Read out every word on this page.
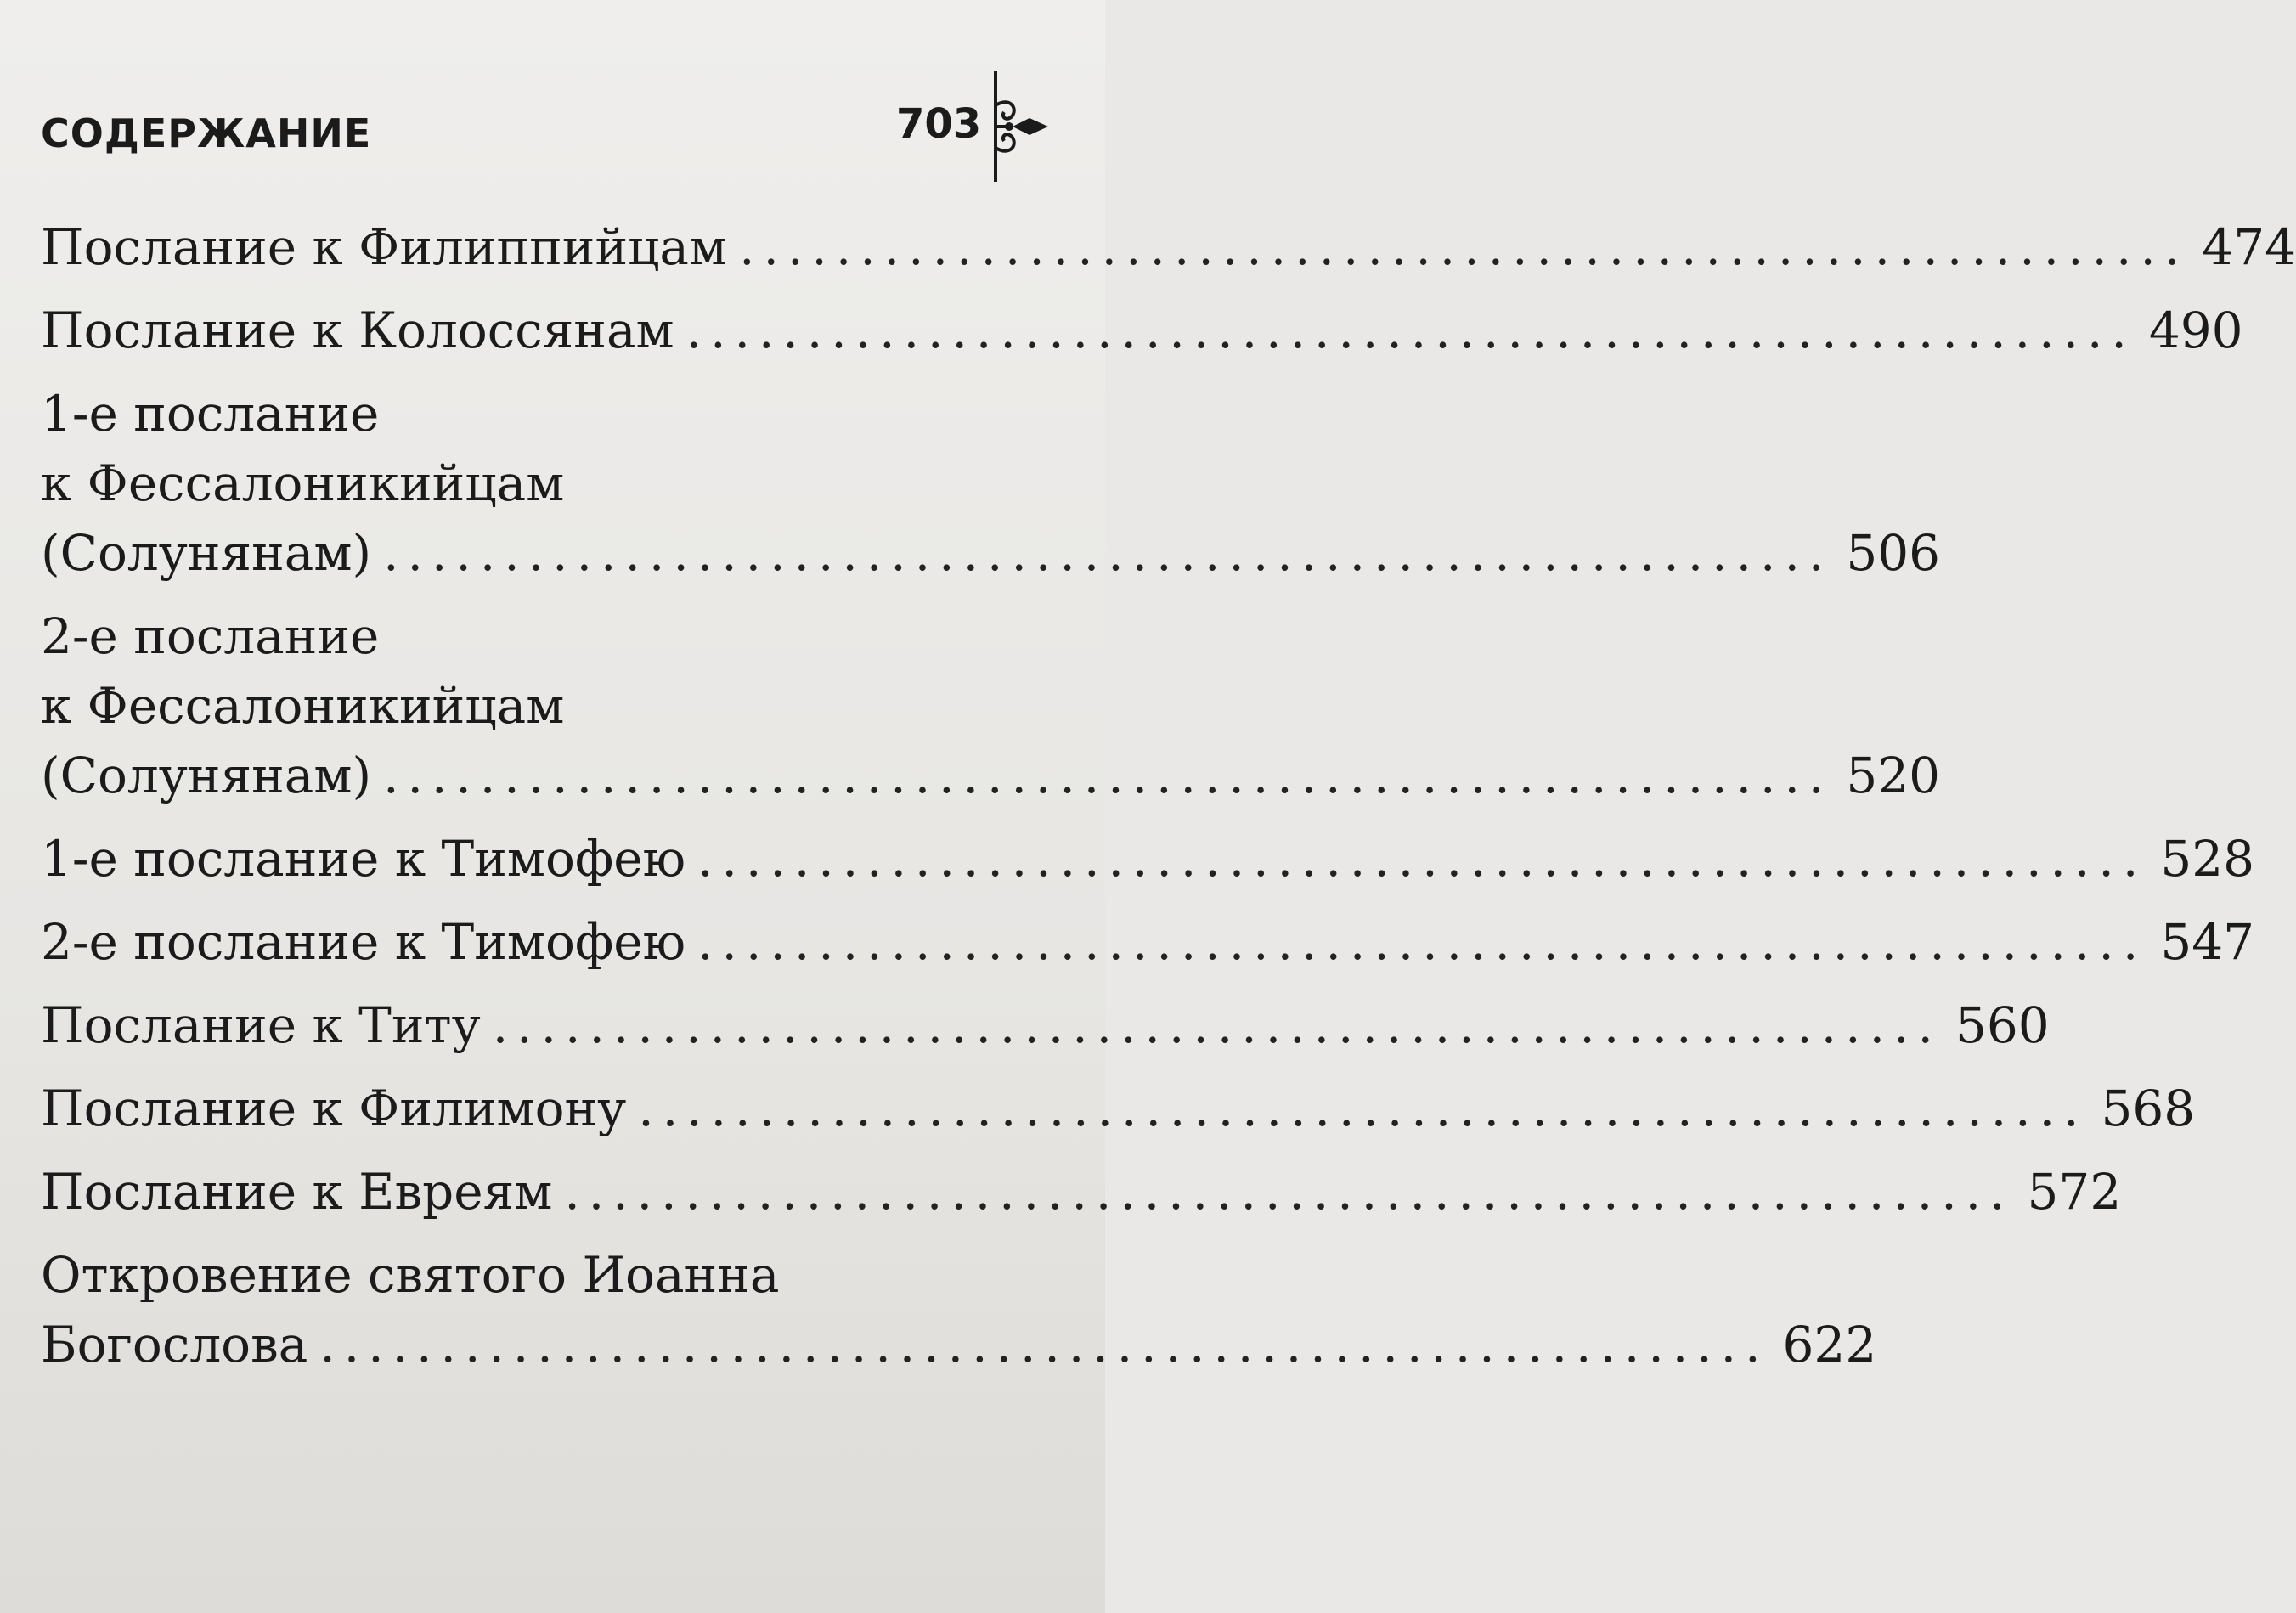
СОДЕРЖАНИЕ	703
Послание к Филиппийцам ............................................................ 474
Послание к Колоссянам ............................................................ 490
1-е послание
к Фессалоникийцам
(Солунянам) ............................................................ 506
2-е послание
к Фессалоникийцам
(Солунянам) ............................................................ 520
1-е послание к Тимофею ............................................................ 528
2-е послание к Тимофею ............................................................ 547
Послание к Титу ............................................................ 560
Послание к Филимону ............................................................ 568
Послание к Евреям ............................................................ 572
Откровение святого Иоанна
Богослова ............................................................ 622
